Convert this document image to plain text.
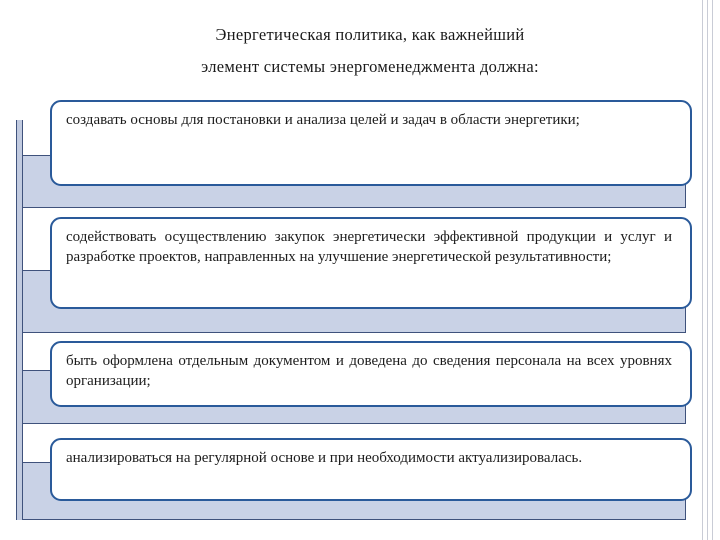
Энергетическая политика, как важнейший
элемент системы энергоменеджмента должна:
создавать основы для постановки и анализа целей и задач в области энергетики;
содействовать осуществлению закупок энергетически эффективной продукции и услуг и разработке проектов, направленных на улучшение энергетической результативности;
быть оформлена отдельным документом и доведена до сведения персонала на всех уровнях организации;
анализироваться на регулярной основе и при необходимости актуализировалась.
